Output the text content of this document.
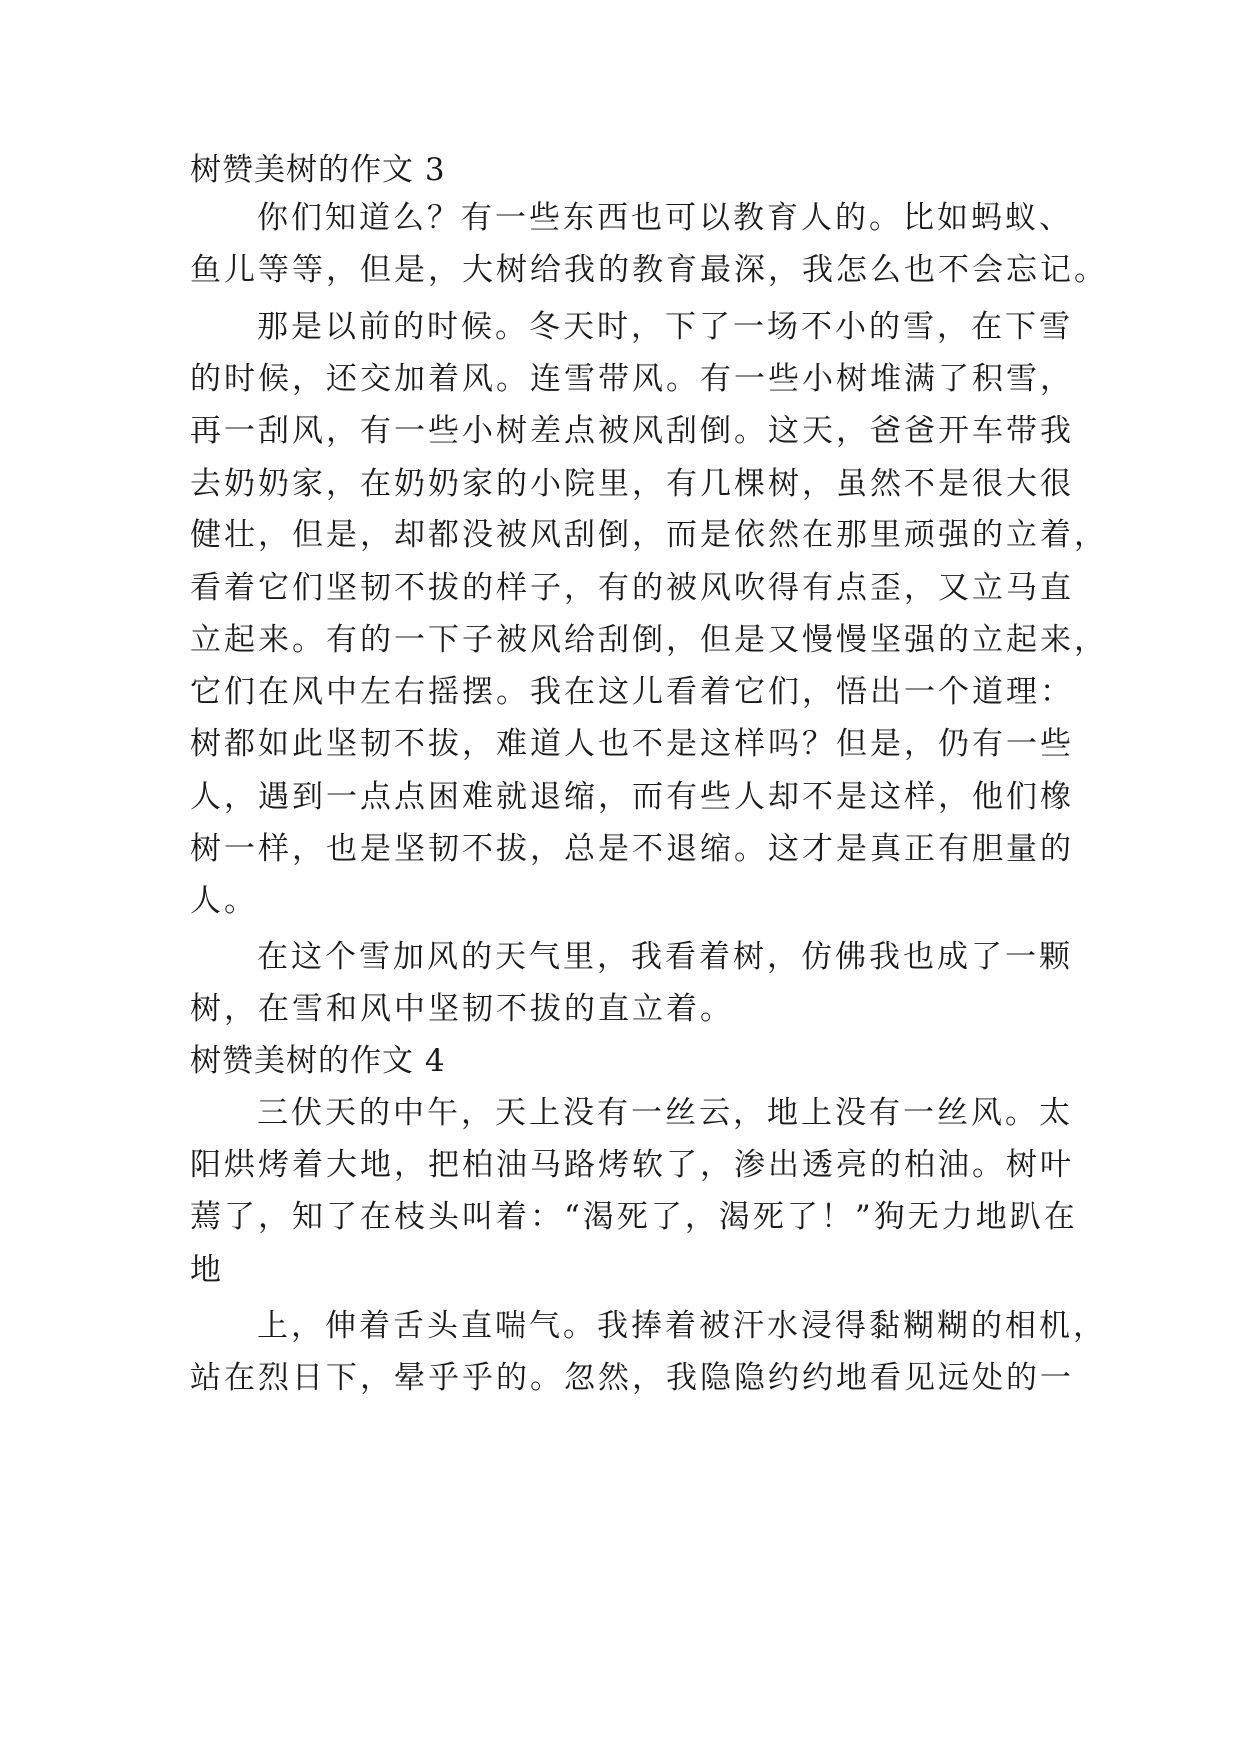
树赞美树的作文 3
你们知道么？有一些东西也可以教育人的。比如蚂蚁、
鱼儿等等，但是，大树给我的教育最深，我怎么也不会忘记。
那是以前的时候。冬天时，下了一场不小的雪，在下雪
的时候，还交加着风。连雪带风。有一些小树堆满了积雪，
再一刮风，有一些小树差点被风刮倒。这天，爸爸开车带我
去奶奶家，在奶奶家的小院里，有几棵树，虽然不是很大很
健壮，但是，却都没被风刮倒，而是依然在那里顽强的立着，
看着它们坚韧不拔的样子，有的被风吹得有点歪，又立马直
立起来。有的一下子被风给刮倒，但是又慢慢坚强的立起来，
它们在风中左右摇摆。我在这儿看着它们，悟出一个道理：
树都如此坚韧不拔，难道人也不是这样吗？但是，仍有一些
人，遇到一点点困难就退缩，而有些人却不是这样，他们橡
树一样，也是坚韧不拔，总是不退缩。这才是真正有胆量的
人。
在这个雪加风的天气里，我看着树，仿佛我也成了一颗
树，在雪和风中坚韧不拔的直立着。
树赞美树的作文 4
三伏天的中午，天上没有一丝云，地上没有一丝风。太
阳烘烤着大地，把柏油马路烤软了，渗出透亮的柏油。树叶
蔫了，知了在枝头叫着：“渴死了，渴死了！”狗无力地趴在
地
上，伸着舌头直喘气。我捧着被汗水浸得黏糊糊的相机，
站在烈日下，晕乎乎的。忽然，我隐隐约约地看见远处的一
